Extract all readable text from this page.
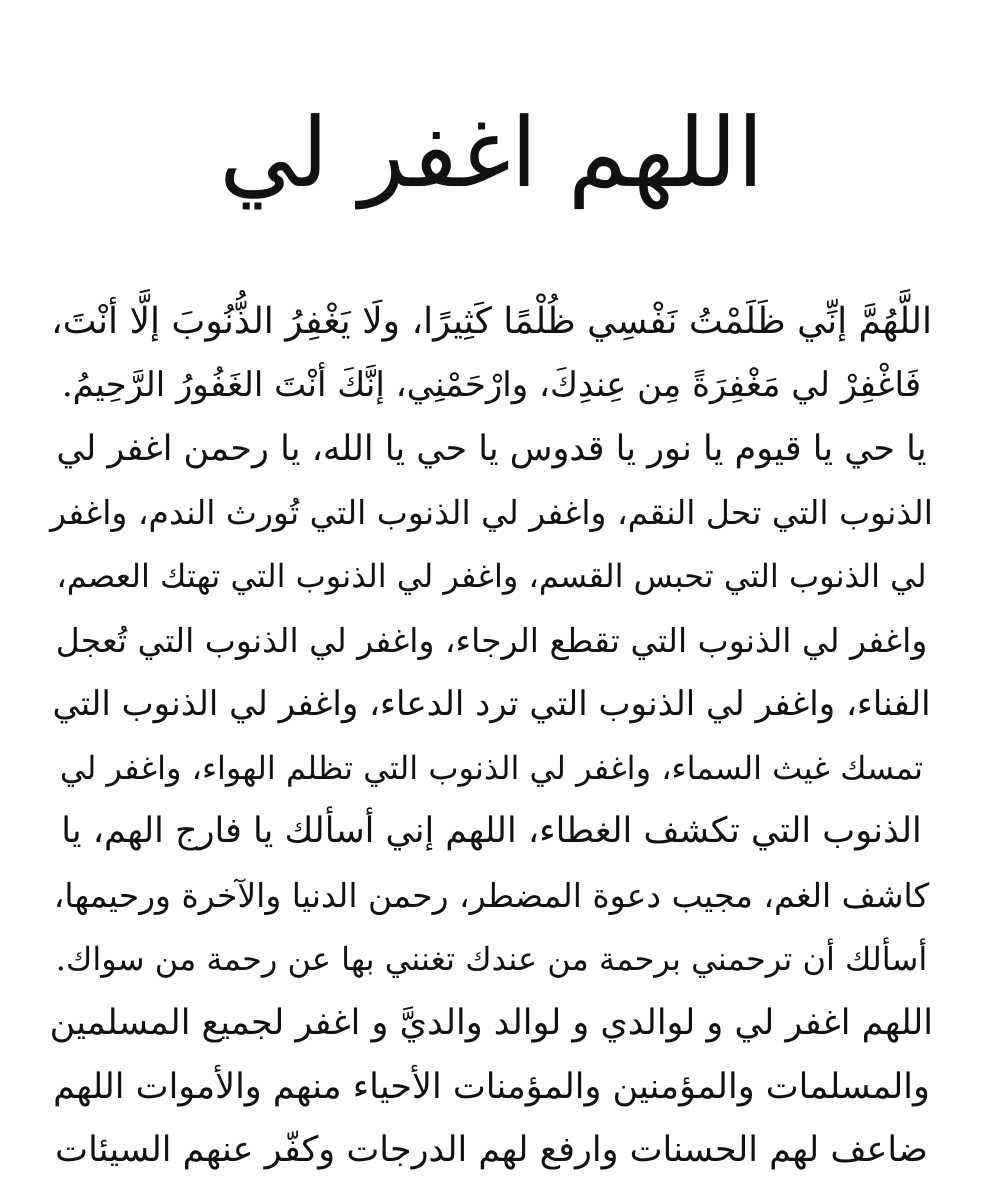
اللهم اغفر لي
اللَّهُمَّ إنِّي ظَلَمْتُ نَفْسِي ظُلْمًا كَثِيرًا، ولَا يَغْفِرُ الذُّنُوبَ إلَّا أنْتَ،
فَاغْفِرْ لي مَغْفِرَةً مِن عِندِكَ، وارْحَمْنِي، إنَّكَ أنْتَ الغَفُورُ الرَّحِيمُ.
يا حي يا قيوم يا نور يا قدوس يا حي يا الله، يا رحمن اغفر لي
الذنوب التي تحل النقم، واغفر لي الذنوب التي تُورث الندم، واغفر
لي الذنوب التي تحبس القسم، واغفر لي الذنوب التي تهتك العصم،
واغفر لي الذنوب التي تقطع الرجاء، واغفر لي الذنوب التي تُعجل
الفناء، واغفر لي الذنوب التي ترد الدعاء، واغفر لي الذنوب التي
تمسك غيث السماء، واغفر لي الذنوب التي تظلم الهواء، واغفر لي
الذنوب التي تكشف الغطاء، اللهم إني أسألك يا فارج الهم، يا
كاشف الغم، مجيب دعوة المضطر، رحمن الدنيا والآخرة ورحيمها،
أسألك أن ترحمني برحمة من عندك تغنني بها عن رحمة من سواك.
اللهم اغفر لي و لوالدي و لوالد والديَّ و اغفر لجميع المسلمين
والمسلمات والمؤمنين والمؤمنات الأحياء منهم والأموات اللهم
ضاعف لهم الحسنات وارفع لهم الدرجات وكفّر عنهم السيئات
